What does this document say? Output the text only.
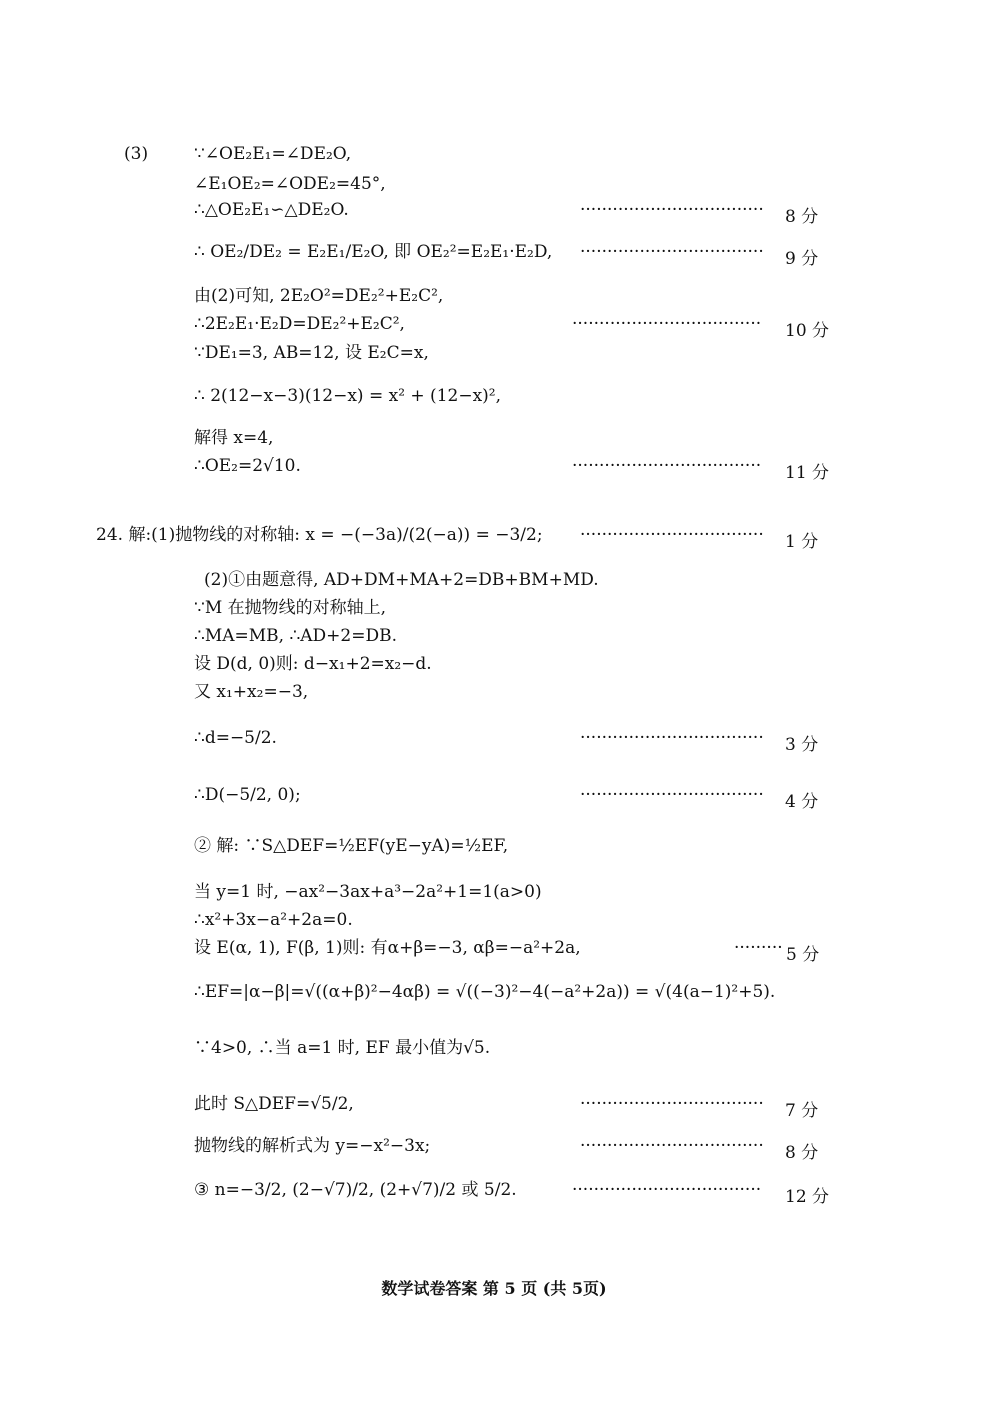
(3)	∵∠OE₂E₁=∠DE₂O,
∠E₁OE₂=∠ODE₂=45°,
∴△OE₂E₁∽△DE₂O.	·································· 8 分
∴ OE₂/DE₂ = E₂E₁/E₂O, 即 OE₂²=E₂E₁·E₂D, ·································· 9 分
由(2)可知, 2E₂O²=DE₂²+E₂C²,
∴2E₂E₁·E₂D=DE₂²+E₂C²,	··································· 10 分
∵DE₁=3, AB=12, 设 E₂C=x,
∴ 2(12−x−3)(12−x) = x² + (12−x)²,
解得 x=4,
∴OE₂=2√10.	··································· 11 分
24. 解:(1)抛物线的对称轴: x = −(−3a)/(2(−a)) = −3/2; ·································· 1 分
(2)①由题意得, AD+DM+MA+2=DB+BM+MD.
∵M 在抛物线的对称轴上,
∴MA=MB, ∴AD+2=DB.
设 D(d, 0)则: d−x₁+2=x₂−d.
又 x₁+x₂=−3,
∴d=−5/2.	·································· 3 分
∴D(−5/2, 0);	·································· 4 分
② 解: ∵S△DEF=½EF(yE−yA)=½EF,
当 y=1 时, −ax²−3ax+a³−2a²+1=1(a>0)
∴x²+3x−a²+2a=0.
设 E(α, 1), F(β, 1)则: 有α+β=−3, αβ=−a²+2a,	········· 5 分
∴EF=|α−β|=√((α+β)²−4αβ) = √((−3)²−4(−a²+2a)) = √(4(a−1)²+5).
∵4>0, ∴当 a=1 时, EF 最小值为√5.
此时 S△DEF=√5/2,	·································· 7 分
抛物线的解析式为 y=−x²−3x;	·································· 8 分
③ n=−3/2, (2−√7)/2, (2+√7)/2 或 5/2.	··································· 12 分
数学试卷答案 第 5 页 (共 5页)
